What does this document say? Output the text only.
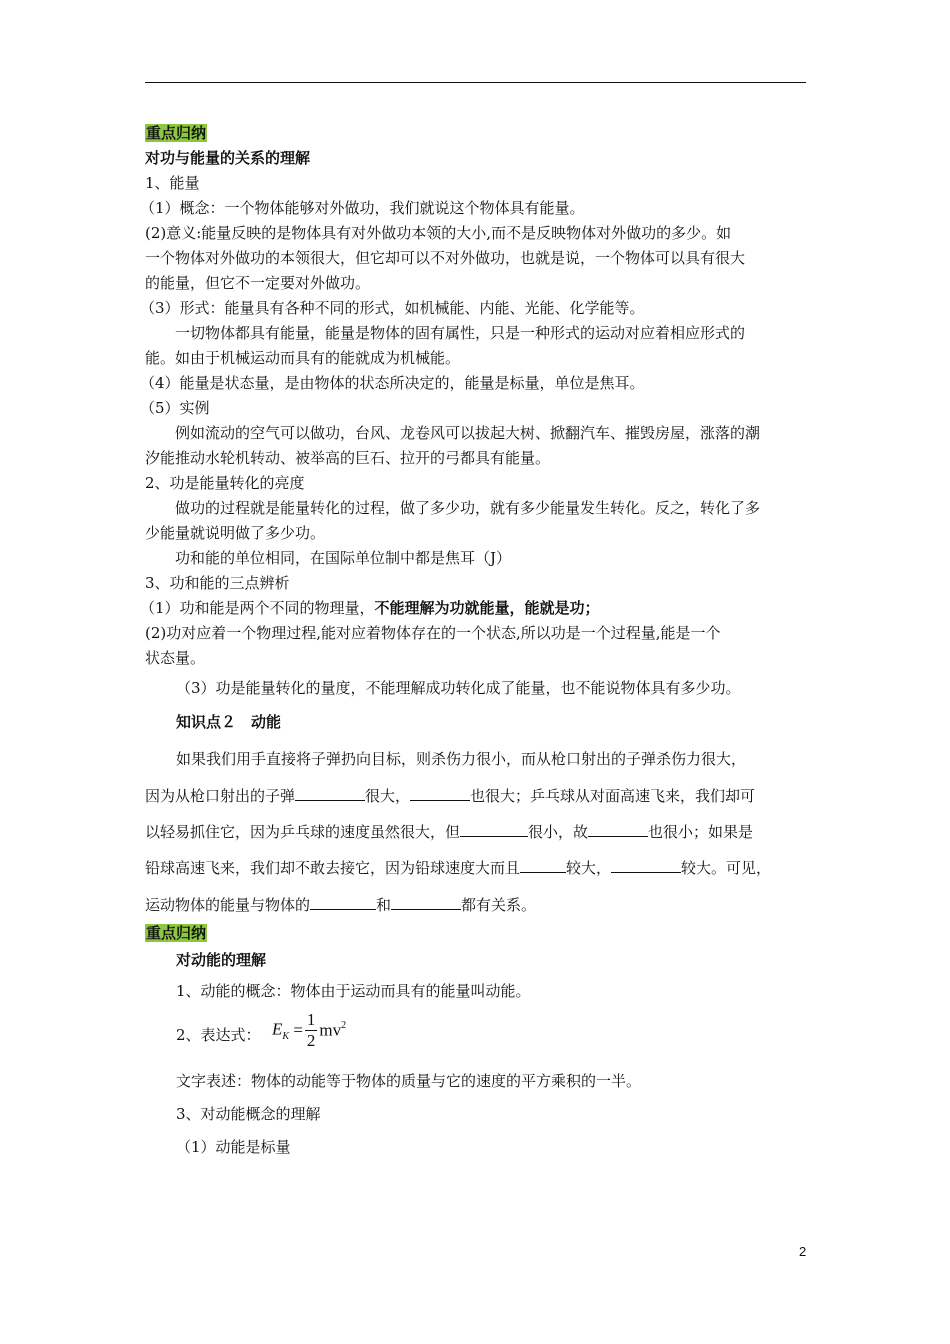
重点归纳
对功与能量的关系的理解
1、能量
（1）概念：一个物体能够对外做功，我们就说这个物体具有能量。
(2)意义:能量反映的是物体具有对外做功本领的大小,而不是反映物体对外做功的多少。如
一个物体对外做功的本领很大，但它却可以不对外做功，也就是说，一个物体可以具有很大
的能量，但它不一定要对外做功。
（3）形式：能量具有各种不同的形式，如机械能、内能、光能、化学能等。
一切物体都具有能量，能量是物体的固有属性，只是一种形式的运动对应着相应形式的
能。如由于机械运动而具有的能就成为机械能。
（4）能量是状态量，是由物体的状态所决定的，能量是标量，单位是焦耳。
（5）实例
例如流动的空气可以做功，台风、龙卷风可以拔起大树、掀翻汽车、摧毁房屋，涨落的潮
汐能推动水轮机转动、被举高的巨石、拉开的弓都具有能量。
2、功是能量转化的亮度
做功的过程就是能量转化的过程，做了多少功，就有多少能量发生转化。反之，转化了多
少能量就说明做了多少功。
功和能的单位相同，在国际单位制中都是焦耳（J）
3、功和能的三点辨析
（1）功和能是两个不同的物理量，不能理解为功就能量，能就是功；
(2)功对应着一个物理过程,能对应着物体存在的一个状态,所以功是一个过程量,能是一个
状态量。
（3）功是能量转化的量度，不能理解成功转化成了能量，也不能说物体具有多少功。
知识点２　动能
如果我们用手直接将子弹扔向目标，则杀伤力很小，而从枪口射出的子弹杀伤力很大，
因为从枪口射出的子弹	很大，	也很大；乒乓球从对面高速飞来，我们却可
以轻易抓住它，因为乒乓球的速度虽然很大，但	很小，故	也很小；如果是
铅球高速飞来，我们却不敢去接它，因为铅球速度大而且	较大，	较大。可见，
运动物体的能量与物体的	和	都有关系。
重点归纳
对动能的理解
1、动能的概念：物体由于运动而具有的能量叫动能。
2、表达式： $E_K = \frac{1}{2} mv^2$
文字表述：物体的动能等于物体的质量与它的速度的平方乘积的一半。
3、对动能概念的理解
（1）动能是标量
2
